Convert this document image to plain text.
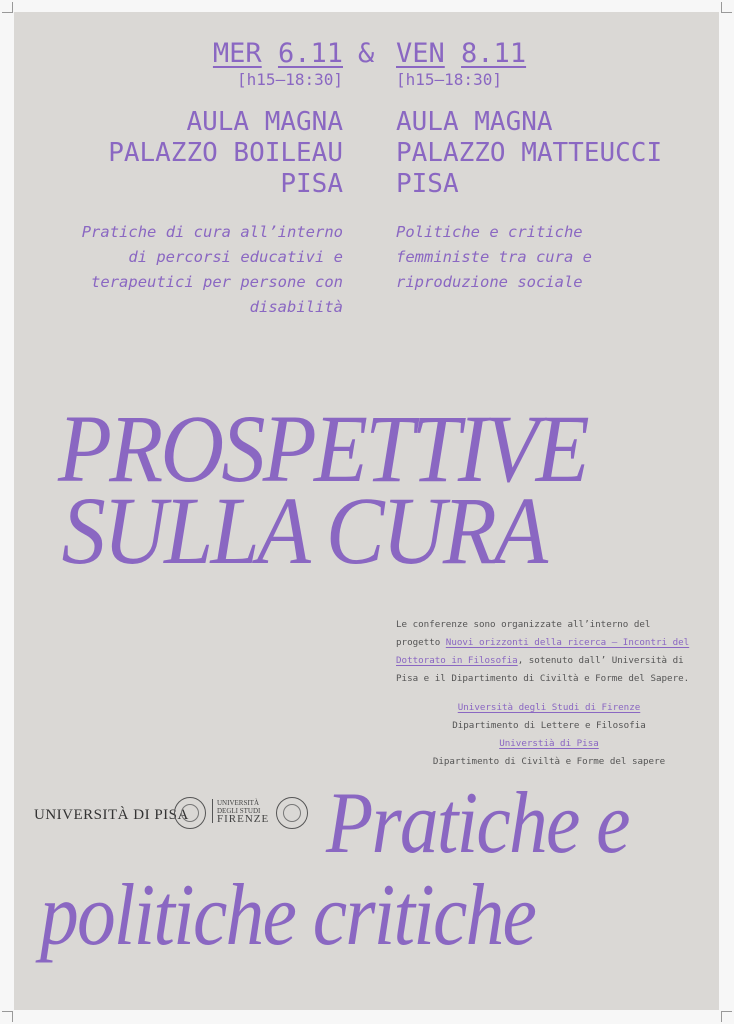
MER 6.11 &
[h15—18:30]
AULA MAGNA
PALAZZO BOILEAU
PISA
Pratiche di cura all’interno
di percorsi educativi e
terapeutici per persone con
disabilità
VEN 8.11
[h15—18:30]
AULA MAGNA
PALAZZO MATTEUCCI
PISA
Politiche e critiche
femministe tra cura e
riproduzione sociale
PROSPETTIVE
SULLA CURA
Le conferenze sono organizzate all’interno del
progetto Nuovi orizzonti della ricerca – Incontri del
Dottorato in Filosofia, sotenuto dall’ Università di
Pisa e il Dipartimento di Civiltà e Forme del Sapere.
Università degli Studi di Firenze
Dipartimento di Lettere e Filosofia
Universtià di Pisa
Dipartimento di Civiltà e Forme del sapere
UNIVERSITÀ DI PISA
UNIVERSITÀ
DEGLI STUDI
FIRENZE Pratiche e
politiche critiche
